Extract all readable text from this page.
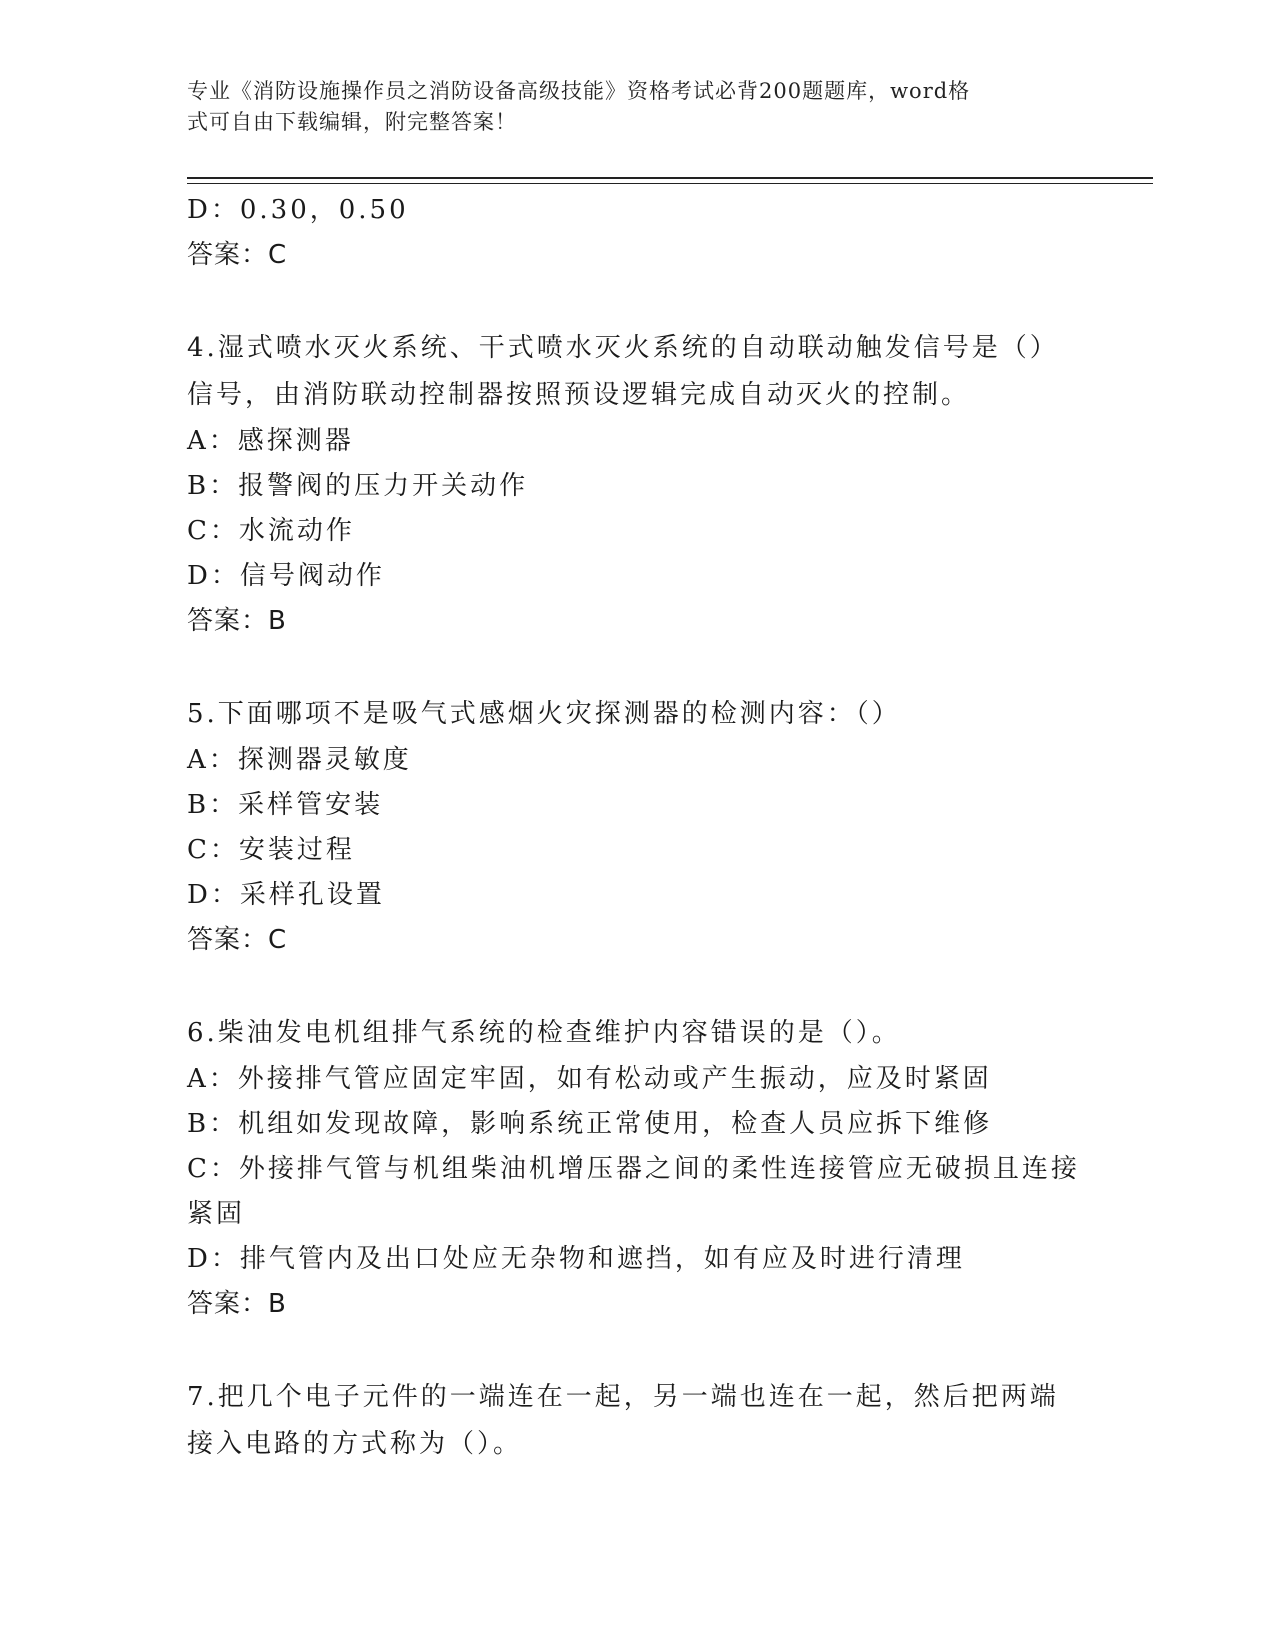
专业《消防设施操作员之消防设备高级技能》资格考试必背200题题库，word格
式可自由下载编辑，附完整答案！
D：0.30，0.50
答案：C
4.湿式喷水灭火系统、干式喷水灭火系统的自动联动触发信号是（）
信号，由消防联动控制器按照预设逻辑完成自动灭火的控制。
A：感探测器
B：报警阀的压力开关动作
C：水流动作
D：信号阀动作
答案：B
5.下面哪项不是吸气式感烟火灾探测器的检测内容：（）
A：探测器灵敏度
B：采样管安装
C：安装过程
D：采样孔设置
答案：C
6.柴油发电机组排气系统的检查维护内容错误的是（）。
A：外接排气管应固定牢固，如有松动或产生振动，应及时紧固
B：机组如发现故障，影响系统正常使用，检查人员应拆下维修
C：外接排气管与机组柴油机增压器之间的柔性连接管应无破损且连接
紧固
D：排气管内及出口处应无杂物和遮挡，如有应及时进行清理
答案：B
7.把几个电子元件的一端连在一起，另一端也连在一起，然后把两端
接入电路的方式称为（）。
